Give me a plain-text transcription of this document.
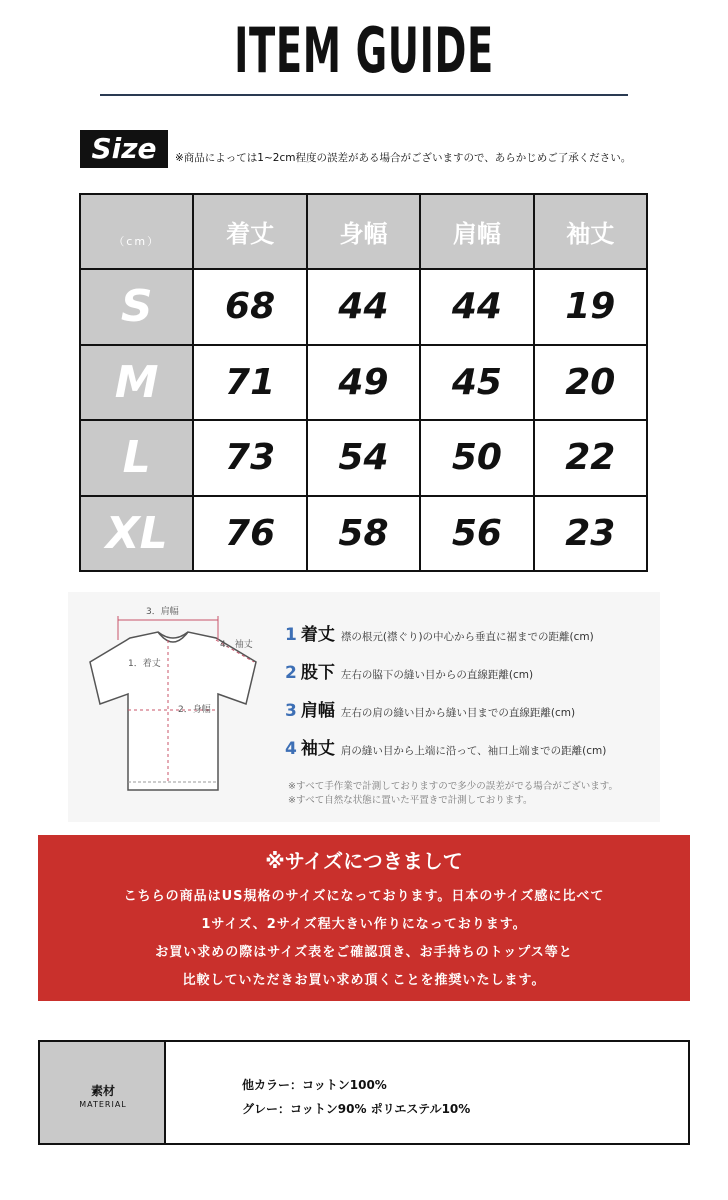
ITEM GUIDE
Size	※商品によっては1~2cm程度の誤差がある場合がございますので、あらかじめご了承ください。
（cm）	着丈	身幅	肩幅	袖丈
S	68	44	44	19
M	71	49	45	20
L	73	54	50	22
XL	76	58	56	23
3．肩幅
4．袖丈
1．着丈
2．身幅
1 着丈 襟の根元(襟ぐり)の中心から垂直に裾までの距離(cm)
2 股下 左右の脇下の縫い目からの直線距離(cm)
3 肩幅 左右の肩の縫い目から縫い目までの直線距離(cm)
4 袖丈 肩の縫い目から上端に沿って、袖口上端までの距離(cm)
※すべて手作業で計測しておりますので多少の誤差がでる場合がございます。
※すべて自然な状態に置いた平置きで計測しております。
※サイズにつきまして
こちらの商品はUS規格のサイズになっております。日本のサイズ感に比べて
1サイズ、2サイズ程大きい作りになっております。
お買い求めの際はサイズ表をご確認頂き、お手持ちのトップス等と
比較していただきお買い求め頂くことを推奨いたします。
素材
MATERIAL
他カラー：コットン100%
グレー：コットン90% ポリエステル10%
